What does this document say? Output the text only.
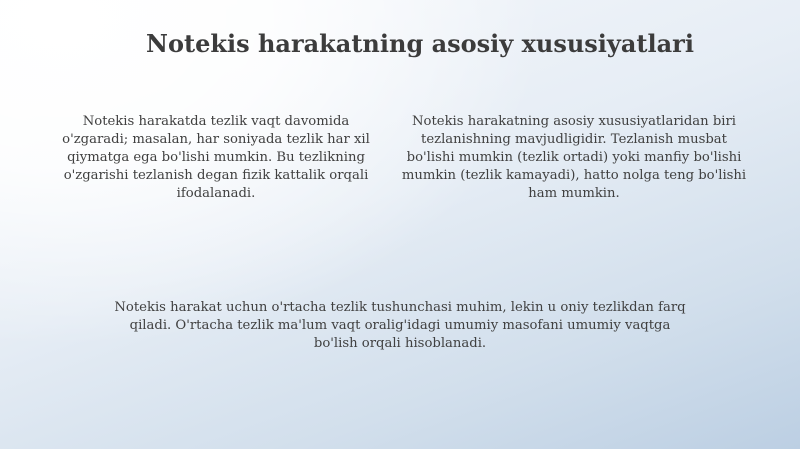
Notekis harakatning asosiy xususiyatlari

Notekis harakatda tezlik vaqt davomida o'zgaradi; masalan, har soniyada tezlik har xil qiymatga ega bo'lishi mumkin. Bu tezlikning o'zgarishi tezlanish degan fizik kattalik orqali ifodalanadi.

Notekis harakatning asosiy xususiyatlaridan biri tezlanishning mavjudligidir. Tezlanish musbat bo'lishi mumkin (tezlik ortadi) yoki manfiy bo'lishi mumkin (tezlik kamayadi), hatto nolga teng bo'lishi ham mumkin.

Notekis harakat uchun o'rtacha tezlik tushunchasi muhim, lekin u oniy tezlikdan farq qiladi. O'rtacha tezlik ma'lum vaqt oralig'idagi umumiy masofani umumiy vaqtga bo'lish orqali hisoblanadi.
